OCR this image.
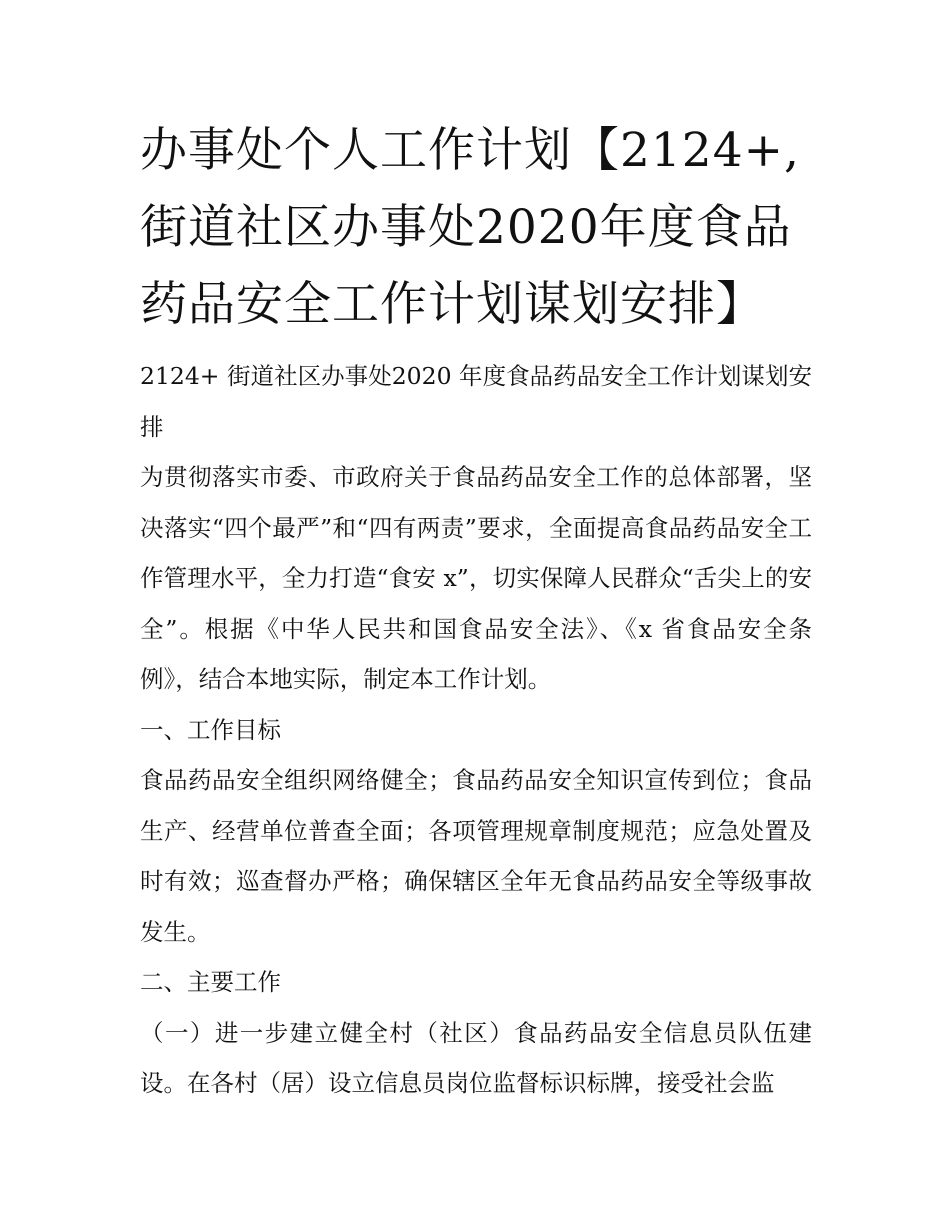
办事处个人工作计划【2124+,
街道社区办事处2020年度食品
药品安全工作计划谋划安排】

2124+ 街道社区办事处2020 年度食品药品安全工作计划谋划安排

为贯彻落实市委、市政府关于食品药品安全工作的总体部署，坚决落实“四个最严”和“四有两责”要求，全面提高食品药品安全工作管理水平，全力打造“食安 x”，切实保障人民群众“舌尖上的安全”。根据《中华人民共和国食品安全法》、《x 省食品安全条例》，结合本地实际，制定本工作计划。

一、工作目标

食品药品安全组织网络健全；食品药品安全知识宣传到位；食品生产、经营单位普查全面；各项管理规章制度规范；应急处置及时有效；巡查督办严格；确保辖区全年无食品药品安全等级事故发生。

二、主要工作

（一）进一步建立健全村（社区）食品药品安全信息员队伍建设。在各村（居）设立信息员岗位监督标识标牌，接受社会监
